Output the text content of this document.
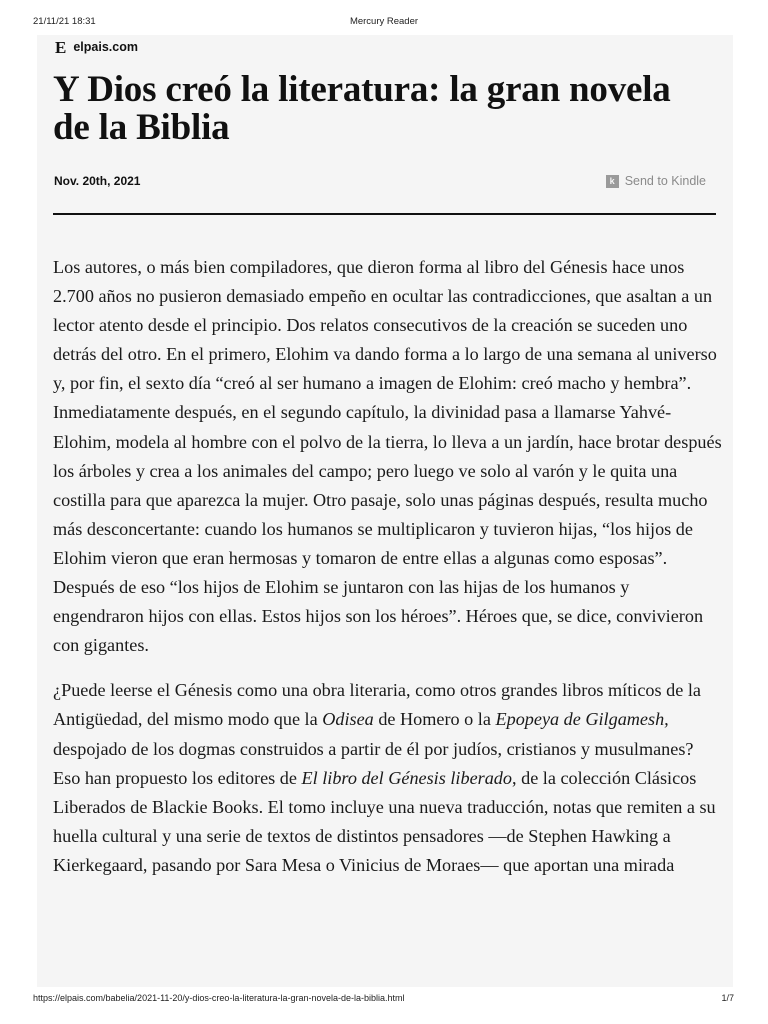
21/11/21 18:31	Mercury Reader
E elpais.com
Y Dios creó la literatura: la gran novela de la Biblia
Nov. 20th, 2021	k Send to Kindle

Los autores, o más bien compiladores, que dieron forma al libro del Génesis hace unos 2.700 años no pusieron demasiado empeño en ocultar las contradicciones, que asaltan a un lector atento desde el principio. Dos relatos consecutivos de la creación se suceden uno detrás del otro. En el primero, Elohim va dando forma a lo largo de una semana al universo y, por fin, el sexto día “creó al ser humano a imagen de Elohim: creó macho y hembra”. Inmediatamente después, en el segundo capítulo, la divinidad pasa a llamarse Yahvé-Elohim, modela al hombre con el polvo de la tierra, lo lleva a un jardín, hace brotar después los árboles y crea a los animales del campo; pero luego ve solo al varón y le quita una costilla para que aparezca la mujer. Otro pasaje, solo unas páginas después, resulta mucho más desconcertante: cuando los humanos se multiplicaron y tuvieron hijas, “los hijos de Elohim vieron que eran hermosas y tomaron de entre ellas a algunas como esposas”. Después de eso “los hijos de Elohim se juntaron con las hijas de los humanos y engendraron hijos con ellas. Estos hijos son los héroes”. Héroes que, se dice, convivieron con gigantes.

¿Puede leerse el Génesis como una obra literaria, como otros grandes libros míticos de la Antigüedad, del mismo modo que la Odisea de Homero o la Epopeya de Gilgamesh, despojado de los dogmas construidos a partir de él por judíos, cristianos y musulmanes? Eso han propuesto los editores de El libro del Génesis liberado, de la colección Clásicos Liberados de Blackie Books. El tomo incluye una nueva traducción, notas que remiten a su huella cultural y una serie de textos de distintos pensadores —de Stephen Hawking a Kierkegaard, pasando por Sara Mesa o Vinicius de Moraes— que aportan una mirada

https://elpais.com/babelia/2021-11-20/y-dios-creo-la-literatura-la-gran-novela-de-la-biblia.html	1/7
